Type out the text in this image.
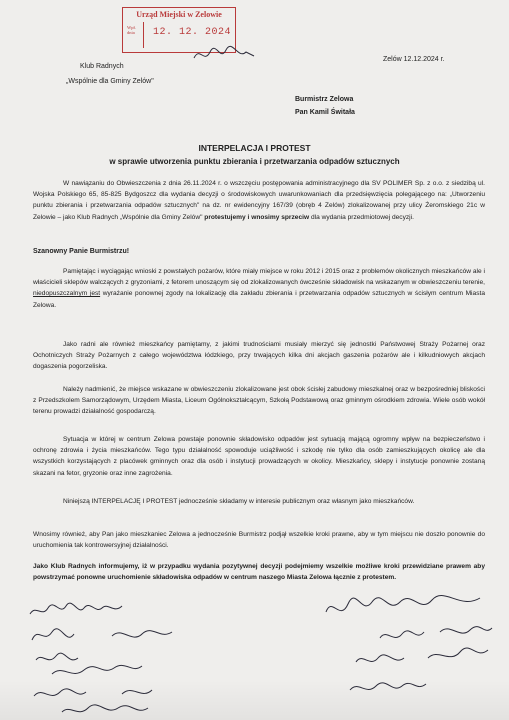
Urząd Miejski w Zelowie
Wpł. dnia	12. 12. 2024
Klub Radnych
„Wspólnie dla Gminy Zelów"
Zelów 12.12.2024 r.
Burmistrz Zelowa
Pan Kamil Świtała
INTERPELACJA I PROTEST
w sprawie utworzenia punktu zbierania i przetwarzania odpadów sztucznych
W nawiązaniu do Obwieszczenia z dnia 26.11.2024 r. o wszczęciu postępowania administracyjnego dla SV POLIMER Sp. z o.o. z siedzibą ul. Wojska Polskiego 65, 85-825 Bydgoszcz dla wydania decyzji o środowiskowych uwarunkowaniach dla przedsięwzięcia polegającego na: „Utworzeniu punktu zbierania i przetwarzania odpadów sztucznych" na dz. nr ewidencyjny 167/39 (obręb 4 Zelów) zlokalizowanej przy ulicy Żeromskiego 21c w Zelowie – jako Klub Radnych „Wspólnie dla Gminy Zelów" protestujemy i wnosimy sprzeciw dla wydania przedmiotowej decyzji.
Szanowny Panie Burmistrzu!
Pamiętając i wyciągając wnioski z powstałych pożarów, które miały miejsce w roku 2012 i 2015 oraz z problemów okolicznych mieszkańców ale i właścicieli sklepów walczących z gryzoniami, z fetorem unoszącym się od zlokalizowanych ówcześnie składowisk na wskazanym w obwieszczeniu terenie, niedopuszczalnym jest wyrażanie ponownej zgody na lokalizację dla zakładu zbierania i przetwarzania odpadów sztucznych w ścisłym centrum Miasta Zelowa.
Jako radni ale również mieszkańcy pamiętamy, z jakimi trudnościami musiały mierzyć się jednostki Państwowej Straży Pożarnej oraz Ochotniczych Straży Pożarnych z całego województwa łódzkiego, przy trwających kilka dni akcjach gaszenia pożarów ale i kilkudniowych akcjach dogaszenia pogorzeliska.
Należy nadmienić, że miejsce wskazane w obwieszczeniu zlokalizowane jest obok ścisłej zabudowy mieszkalnej oraz w bezpośredniej bliskości z Przedszkolem Samorządowym, Urzędem Miasta, Liceum Ogólnokształcącym, Szkołą Podstawową oraz gminnym ośrodkiem zdrowia. Wiele osób wokół terenu prowadzi działalność gospodarczą.
Sytuacja w której w centrum Zelowa powstaje ponownie składowisko odpadów jest sytuacją mającą ogromny wpływ na bezpieczeństwo i ochronę zdrowia i życia mieszkańców. Tego typu działalność spowoduje uciążliwość i szkodę nie tylko dla osób zamieszkujących okolicę ale dla wszystkich korzystających z placówek gminnych oraz dla osób i instytucji prowadzących w okolicy. Mieszkańcy, sklepy i instytucje ponownie zostaną skazani na fetor, gryzonie oraz inne zagrożenia.
Niniejszą INTERPELACJĘ I PROTEST jednocześnie składamy w interesie publicznym oraz własnym jako mieszkańców.
Wnosimy również, aby Pan jako mieszkaniec Zelowa a jednocześnie Burmistrz podjął wszelkie kroki prawne, aby w tym miejscu nie doszło ponownie do uruchomienia tak kontrowersyjnej działalności.
Jako Klub Radnych informujemy, iż w przypadku wydania pozytywnej decyzji podejmiemy wszelkie możliwe kroki przewidziane prawem aby powstrzymać ponowne uruchomienie składowiska odpadów w centrum naszego Miasta Zelowa łącznie z protestem.
